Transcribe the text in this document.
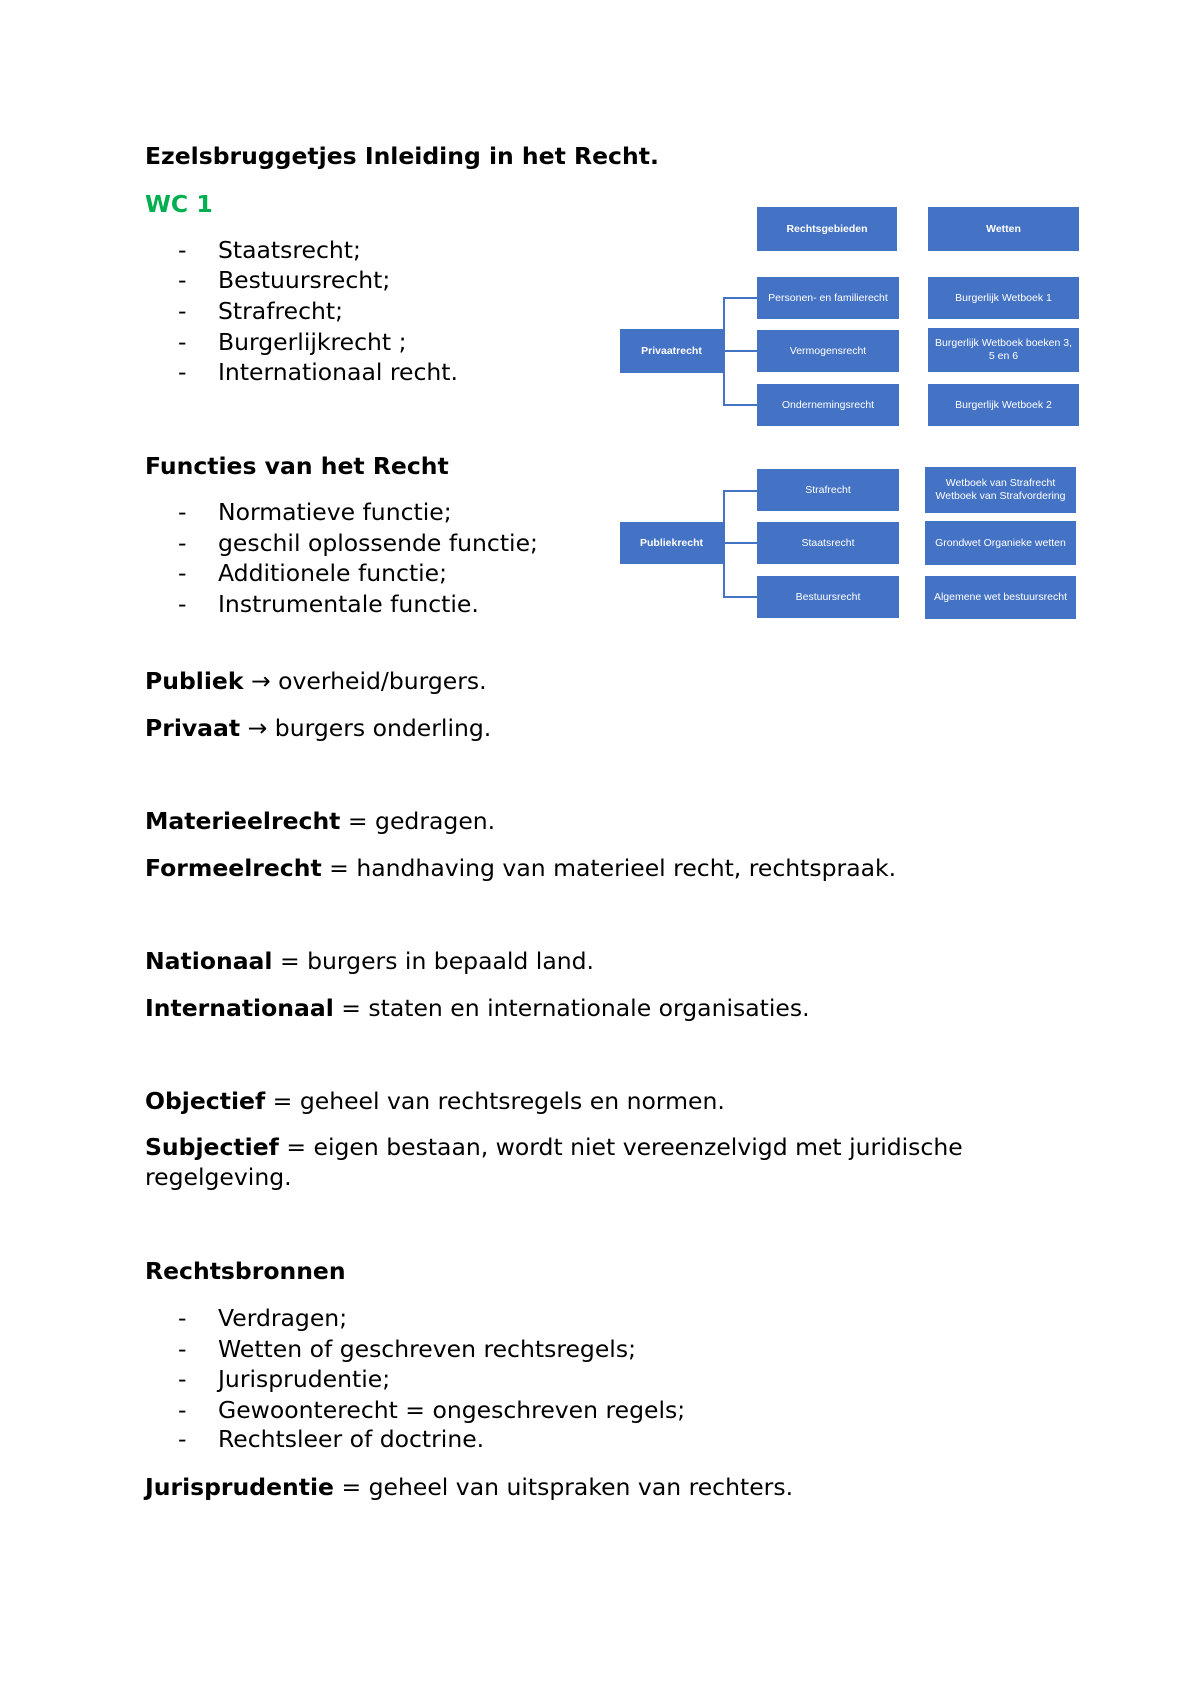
Ezelsbruggetjes Inleiding in het Recht.
WC 1
- Staatsrecht;
- Bestuursrecht;
- Strafrecht;
- Burgerlijkrecht ;
- Internationaal recht.
Functies van het Recht
- Normatieve functie;
- geschil oplossende functie;
- Additionele functie;
- Instrumentale functie.
Publiek → overheid/burgers.
Privaat → burgers onderling.
Materieelrecht = gedragen.
Formeelrecht = handhaving van materieel recht, rechtspraak.
Nationaal = burgers in bepaald land.
Internationaal = staten en internationale organisaties.
Objectief = geheel van rechtsregels en normen.
Subjectief = eigen bestaan, wordt niet vereenzelvigd met juridische regelgeving.
Rechtsbronnen
- Verdragen;
- Wetten of geschreven rechtsregels;
- Jurisprudentie;
- Gewoonterecht = ongeschreven regels;
- Rechtsleer of doctrine.
Jurisprudentie = geheel van uitspraken van rechters.
Rechtsgebieden	Wetten
Privaatrecht
Personen- en familierecht
Vermogensrecht
Ondernemingsrecht
Burgerlijk Wetboek 1
Burgerlijk Wetboek boeken 3, 5 en 6
Burgerlijk Wetboek 2
Publiekrecht
Strafrecht
Staatsrecht
Bestuursrecht
Wetboek van Strafrecht Wetboek van Strafvordering
Grondwet Organieke wetten
Algemene wet bestuursrecht
